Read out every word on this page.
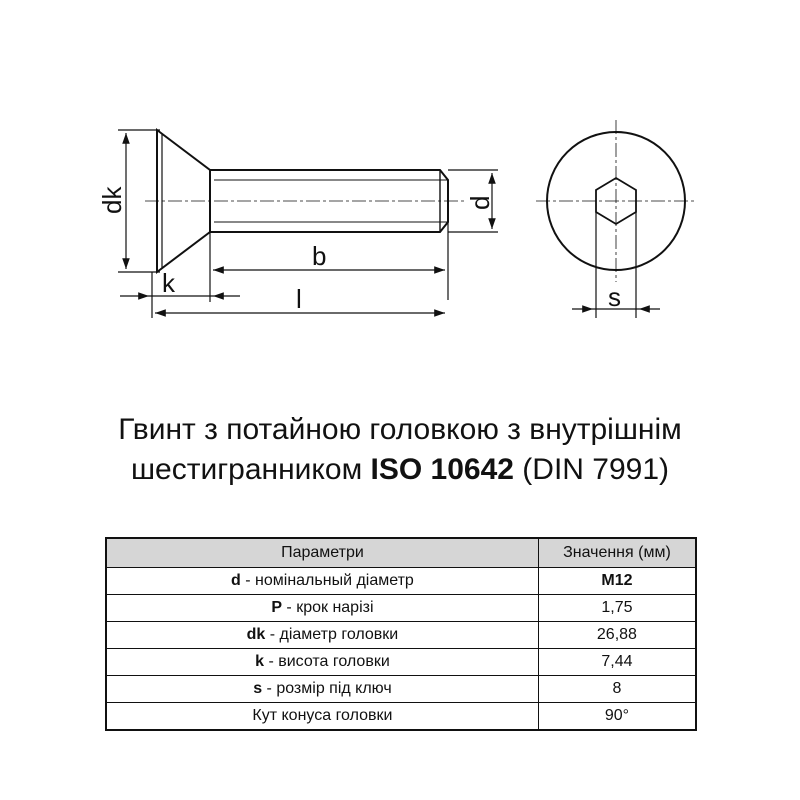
dk	d
b
k
l	s
Гвинт з потайною головкою з внутрішнім
шестигранником ISO 10642 (DIN 7991)
Параметри	Значення (мм)
d - номінальный діаметр	M12
P - крок нарізі	1,75
dk - діаметр головки	26,88
k - висота головки	7,44
s - розмір під ключ	8
Кут конуса головки	90°
